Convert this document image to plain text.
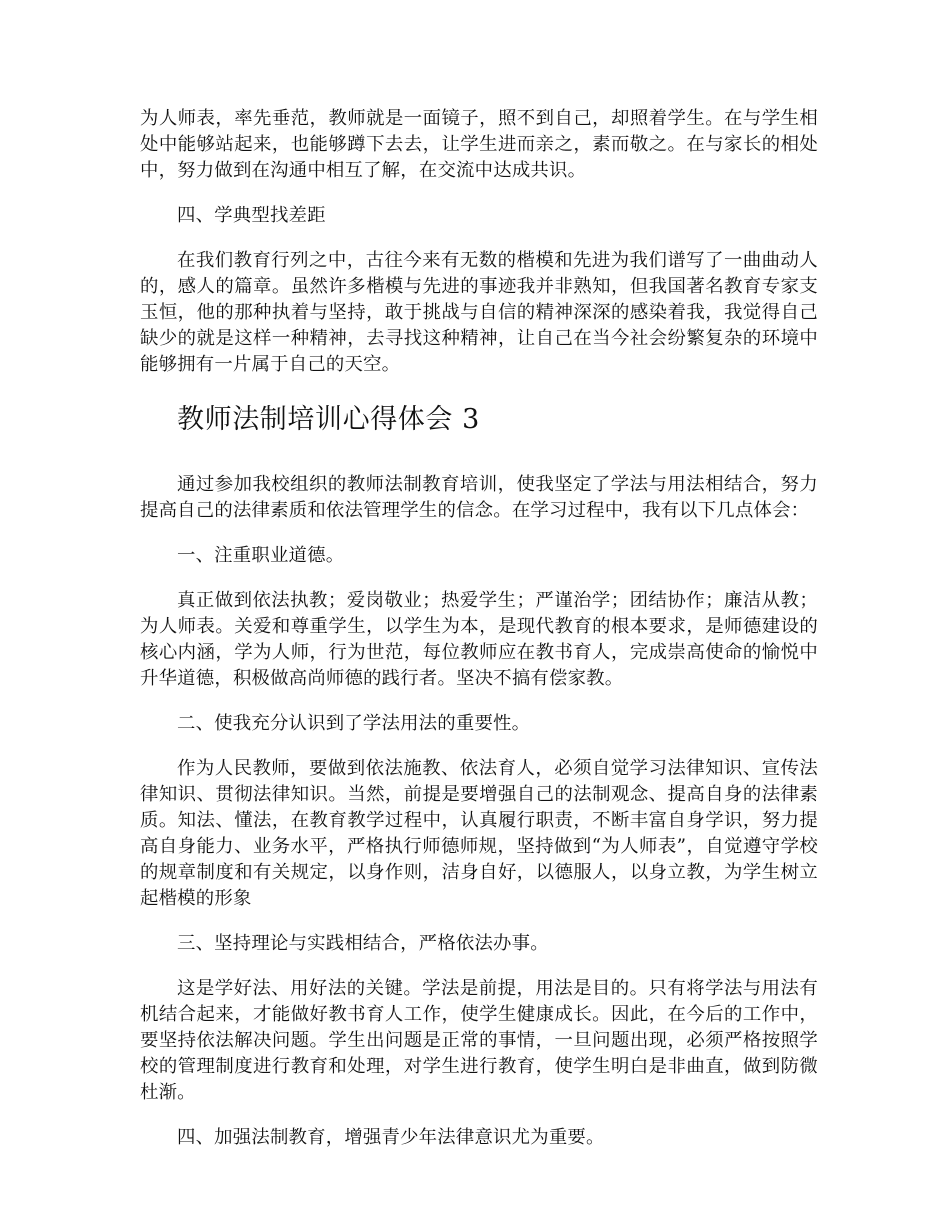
为人师表，率先垂范，教师就是一面镜子，照不到自己，却照着学生。在与学生相处中能够站起来，也能够蹲下去去，让学生进而亲之，素而敬之。在与家长的相处中，努力做到在沟通中相互了解，在交流中达成共识。

四、学典型找差距

在我们教育行列之中，古往今来有无数的楷模和先进为我们谱写了一曲曲动人的，感人的篇章。虽然许多楷模与先进的事迹我并非熟知，但我国著名教育专家支玉恒，他的那种执着与坚持，敢于挑战与自信的精神深深的感染着我，我觉得自己缺少的就是这样一种精神，去寻找这种精神，让自己在当今社会纷繁复杂的环境中能够拥有一片属于自己的天空。

教师法制培训心得体会 3

通过参加我校组织的教师法制教育培训，使我坚定了学法与用法相结合，努力提高自己的法律素质和依法管理学生的信念。在学习过程中，我有以下几点体会：

一、注重职业道德。

真正做到依法执教；爱岗敬业；热爱学生；严谨治学；团结协作；廉洁从教；为人师表。关爱和尊重学生，以学生为本，是现代教育的根本要求，是师德建设的核心内涵，学为人师，行为世范，每位教师应在教书育人，完成崇高使命的愉悦中升华道德，积极做高尚师德的践行者。坚决不搞有偿家教。

二、使我充分认识到了学法用法的重要性。

作为人民教师，要做到依法施教、依法育人，必须自觉学习法律知识、宣传法律知识、贯彻法律知识。当然，前提是要增强自己的法制观念、提高自身的法律素质。知法、懂法，在教育教学过程中，认真履行职责，不断丰富自身学识，努力提高自身能力、业务水平，严格执行师德师规，坚持做到“为人师表”，自觉遵守学校的规章制度和有关规定，以身作则，洁身自好，以德服人，以身立教，为学生树立起楷模的形象

三、坚持理论与实践相结合，严格依法办事。

这是学好法、用好法的关键。学法是前提，用法是目的。只有将学法与用法有机结合起来，才能做好教书育人工作，使学生健康成长。因此，在今后的工作中，要坚持依法解决问题。学生出问题是正常的事情，一旦问题出现，必须严格按照学校的管理制度进行教育和处理，对学生进行教育，使学生明白是非曲直，做到防微杜渐。

四、加强法制教育，增强青少年法律意识尤为重要。
